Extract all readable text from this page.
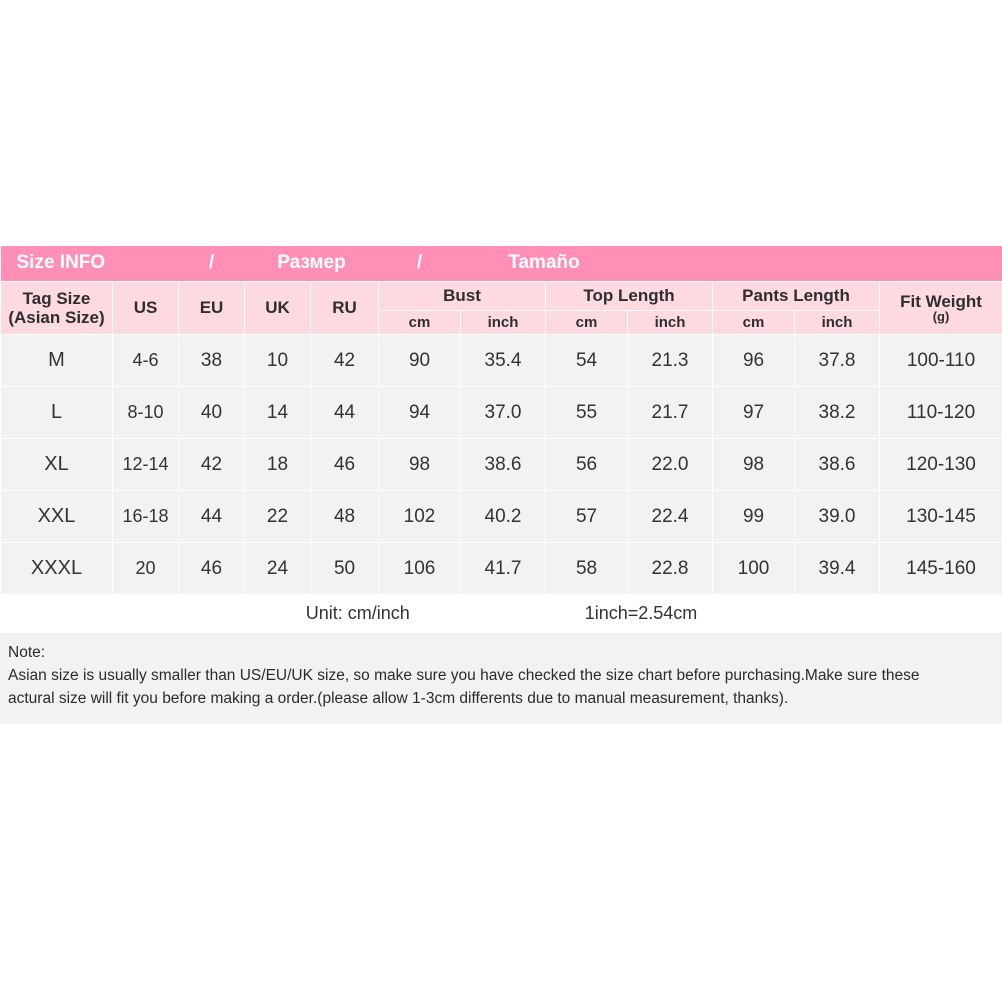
Size INFO		/	Размер		/	Tamaño					

Tag Size
(Asian Size)
	US	EU	UK	RU	Bust	Top Length	Pants Length	Fit Weight
(g)

					cm	inch	cm	inch	cm	inch	
M	4-6	38	10	42	90	35.4	54	21.3	96	37.8	100-110
L	8-10	40	14	44	94	37.0	55	21.7	97	38.2	110-120
XL	12-14	42	18	46	98	38.6	56	22.0	98	38.6	120-130
XXL	16-18	44	22	48	102	40.2	57	22.4	99	39.0	130-145
XXXL	20	46	24	50	106	41.7	58	22.8	100	39.4	145-160

Unit: cm/inch 1inch=2.54cm											
Note:
Asian size is usually smaller than US/EU/UK size, so make sure you have checked the size chart before purchasing.Make sure these actural size will fit you before making a order.(please allow 1-3cm differents due to manual measurement, thanks).
